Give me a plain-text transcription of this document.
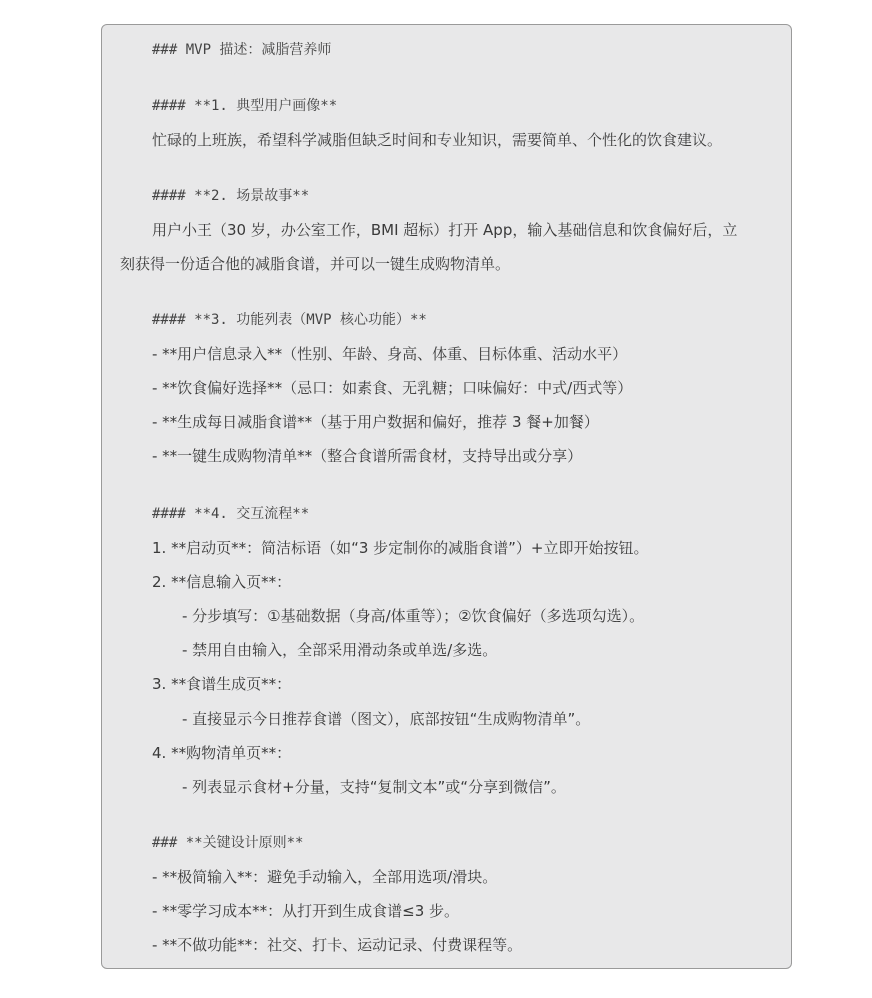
### MVP 描述：减脂营养师
#### **1. 典型用户画像**
忙碌的上班族，希望科学减脂但缺乏时间和专业知识，需要简单、个性化的饮食建议。
#### **2. 场景故事**
用户小王（30 岁，办公室工作，BMI 超标）打开 App，输入基础信息和饮食偏好后，立
刻获得一份适合他的减脂食谱，并可以一键生成购物清单。
#### **3. 功能列表（MVP 核心功能）**
- **用户信息录入**（性别、年龄、身高、体重、目标体重、活动水平）
- **饮食偏好选择**（忌口：如素食、无乳糖；口味偏好：中式/西式等）
- **生成每日减脂食谱**（基于用户数据和偏好，推荐 3 餐+加餐）
- **一键生成购物清单**（整合食谱所需食材，支持导出或分享）
#### **4. 交互流程**
1. **启动页**：简洁标语（如“3 步定制你的减脂食谱”）+立即开始按钮。
2. **信息输入页**：
- 分步填写：①基础数据（身高/体重等）；②饮食偏好（多选项勾选）。
- 禁用自由输入，全部采用滑动条或单选/多选。
3. **食谱生成页**：
- 直接显示今日推荐食谱（图文），底部按钮“生成购物清单”。
4. **购物清单页**：
- 列表显示食材+分量，支持“复制文本”或“分享到微信”。
### **关键设计原则**
- **极简输入**：避免手动输入，全部用选项/滑块。
- **零学习成本**：从打开到生成食谱≤3 步。
- **不做功能**：社交、打卡、运动记录、付费课程等。
